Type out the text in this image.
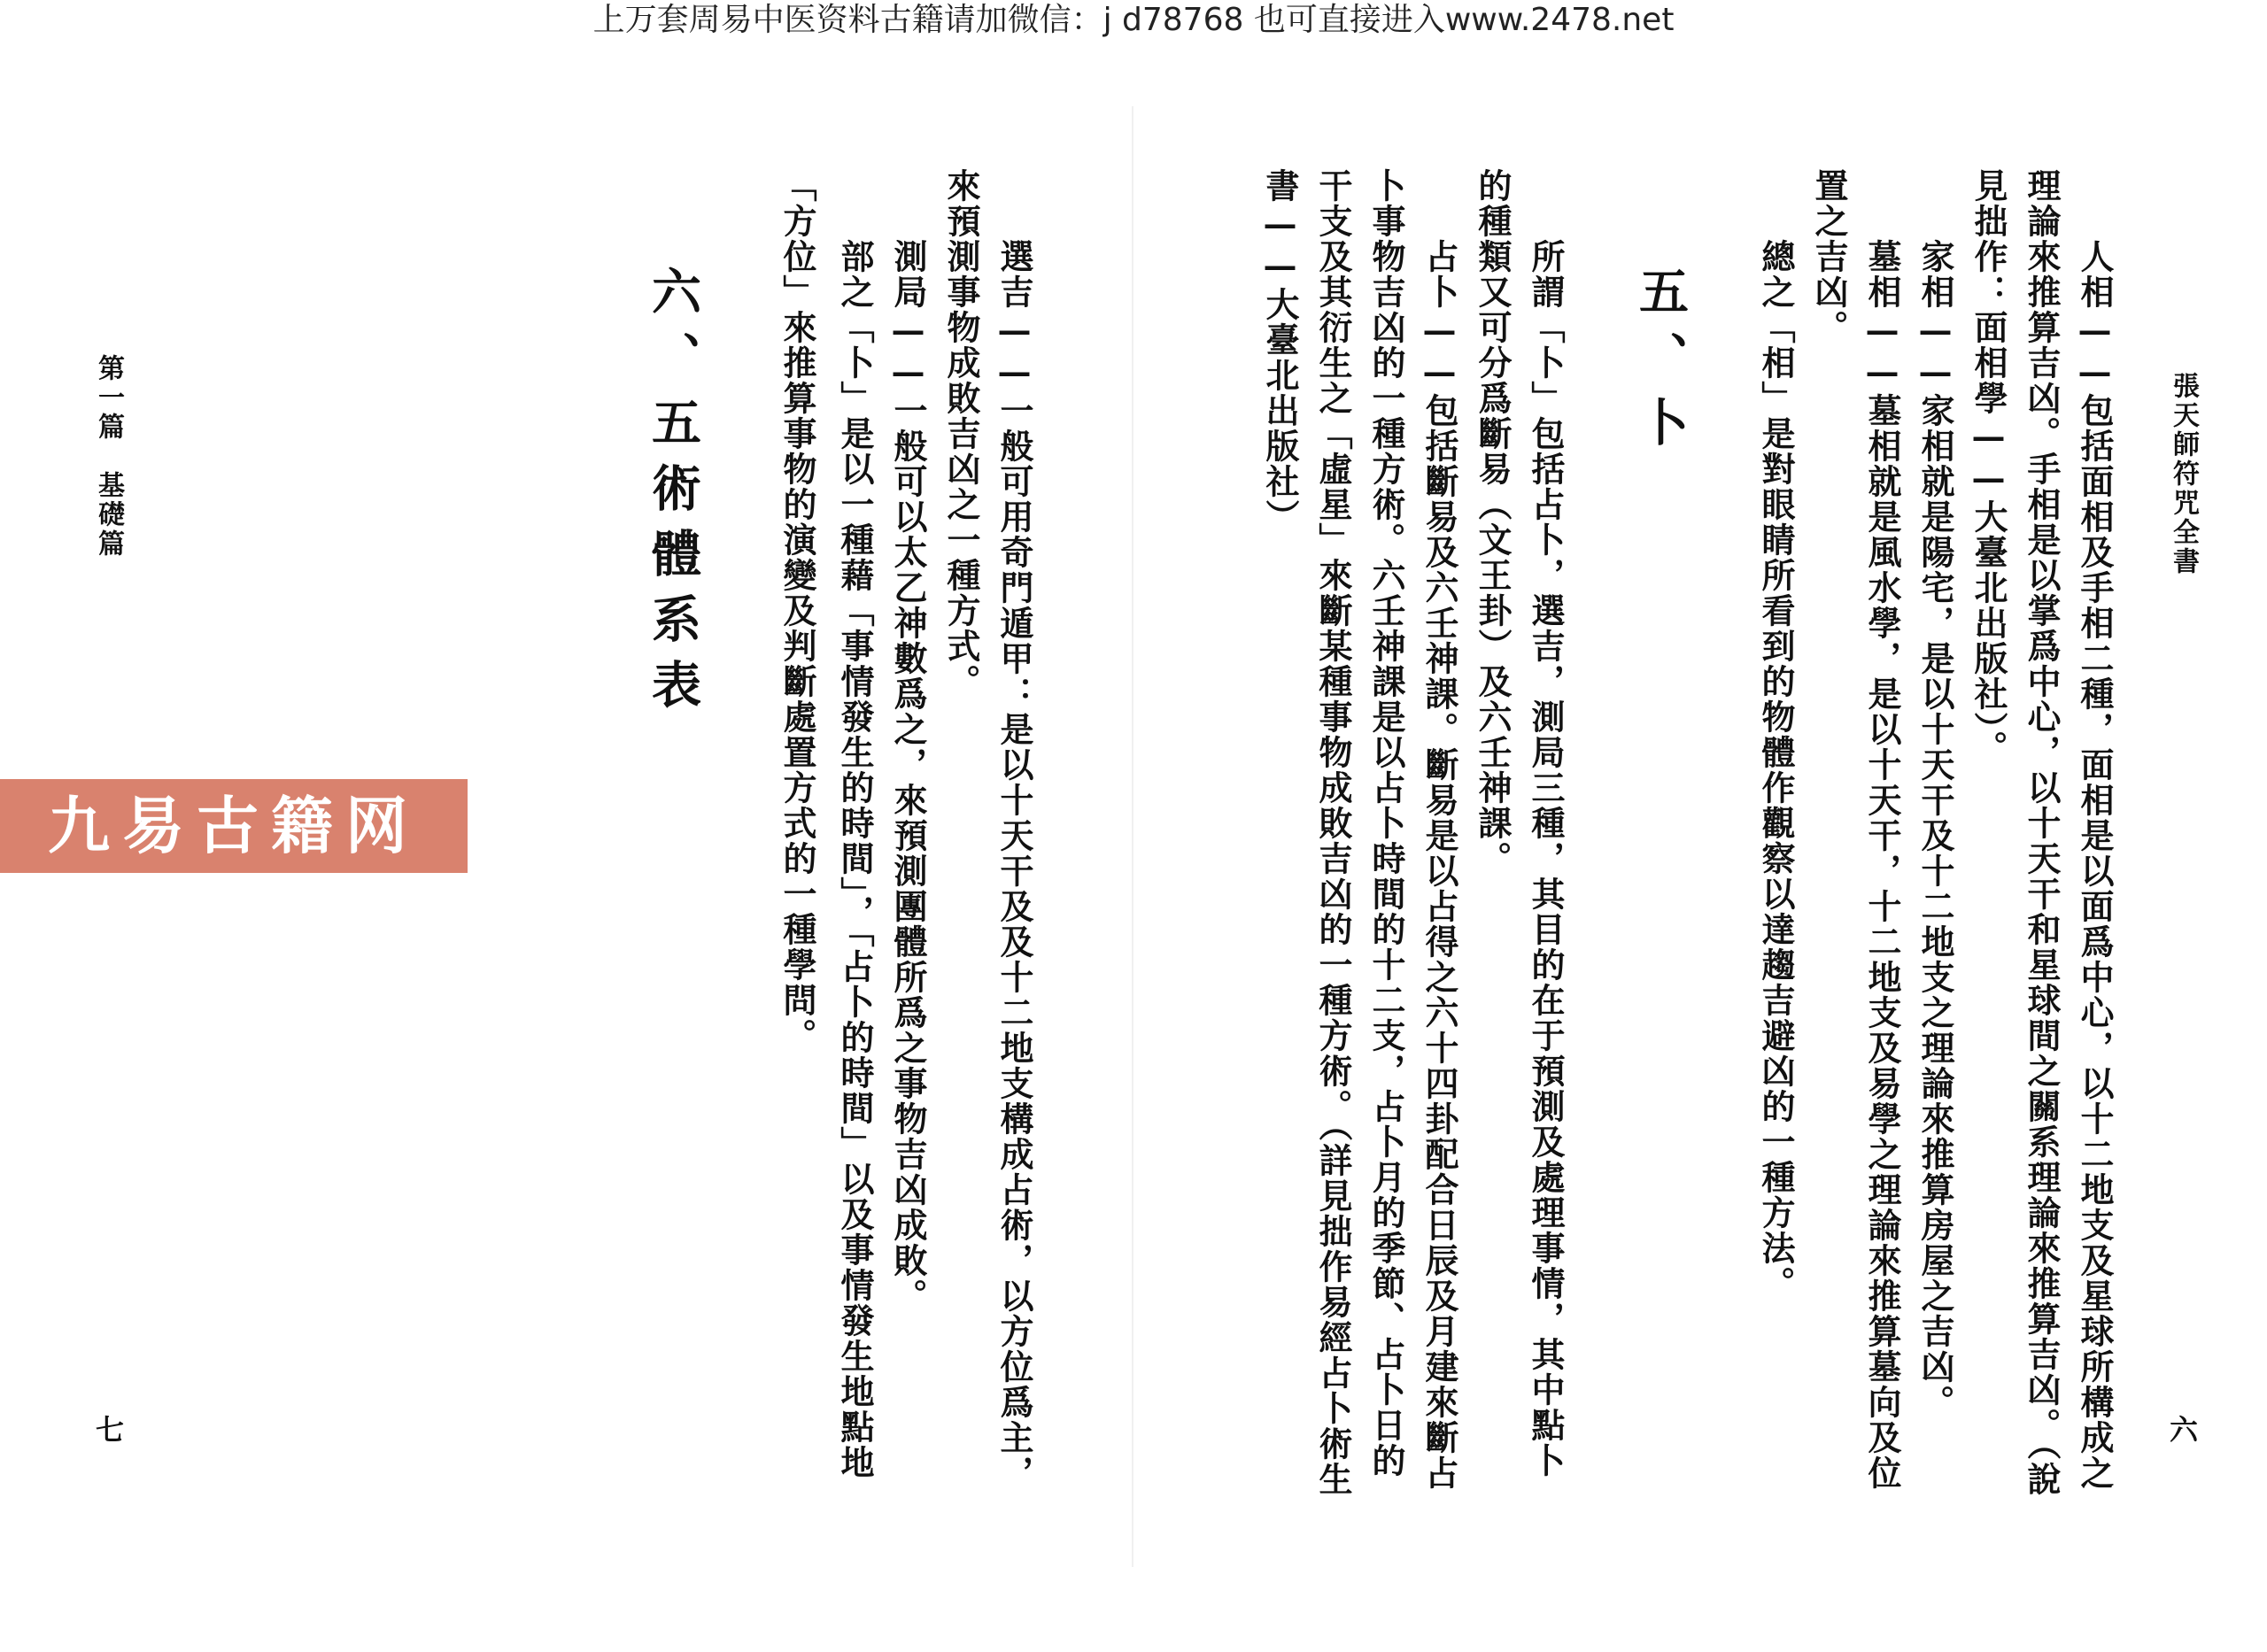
上万套周易中医资料古籍请加微信：j d78768 也可直接进入www.2478.net
張天師符咒全書
六
人相——包括面相及手相二種，面相是以面爲中心，以十二地支及星球所構成之
理論來推算吉凶。手相是以掌爲中心，以十天干和星球間之關系理論來推算吉凶。（說
見拙作：面相學——大臺北出版社）。
家相——家相就是陽宅，是以十天干及十二地支之理論來推算房屋之吉凶。
墓相——墓相就是風水學，是以十天干，十二地支及易學之理論來推算墓向及位
置之吉凶。
總之「相」是對眼睛所看到的物體作觀察以達趨吉避凶的一種方法。
五、卜
第一篇　基礎篇
七
六、五術體系表
九易古籍网	所謂「卜」包括占卜，選吉，測局三種，其目的在于預測及處理事情，其中點卜
的種類又可分爲斷易（文王卦）及六壬神課。
占卜——包括斷易及六壬神課。斷易是以占得之六十四卦配合日辰及月建來斷占
卜事物吉凶的一種方術。六壬神課是以占卜時間的十二支，占卜月的季節、占卜日的
干支及其衍生之「虛星」來斷某種事物成敗吉凶的一種方術。（詳見拙作易經占卜術生
書——大臺北出版社）
選吉——一般可用奇門遁甲：是以十天干及及十二地支構成占術，以方位爲主，
來預測事物成敗吉凶之一種方式。
測局——一般可以太乙神數爲之，來預測團體所爲之事物吉凶成敗。
部之「卜」是以一種藉「事情發生的時間」，「占卜的時間」以及事情發生地點地
「方位」來推算事物的演變及判斷處置方式的一種學問。
